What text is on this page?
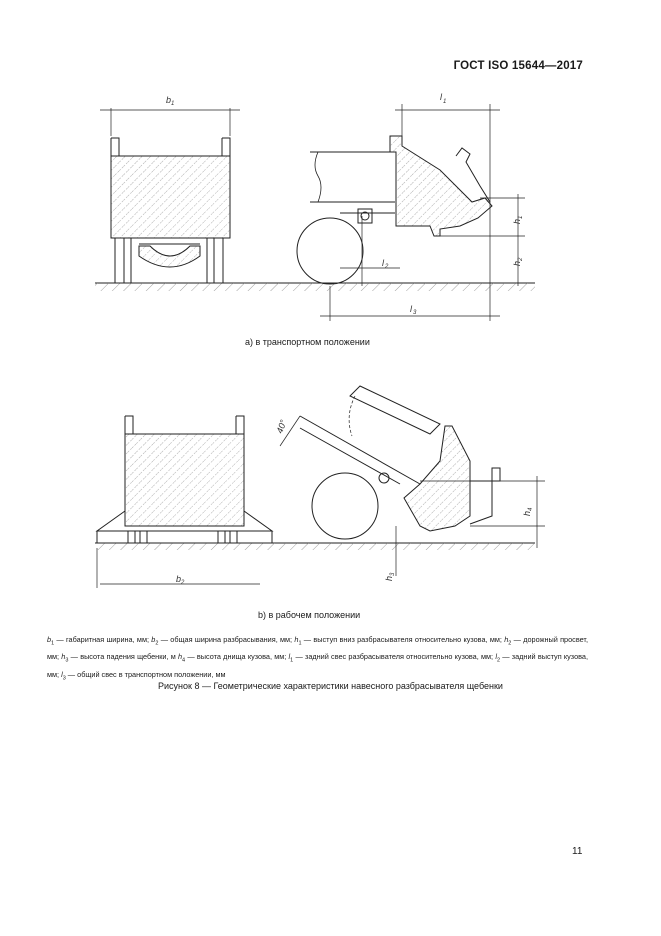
ГОСТ ISO 15644—2017
b 1
l 1
l 2
l 3
h
1
h
2
а) в транспортном положении
40°
b 2
h
3
h
4
b) в рабочем положении
$b_1$ — габаритная ширина, мм; $b_2$ — общая ширина разбрасывания, мм; $h_1$ — выступ вниз разбрасывателя относительно кузова, мм; $h_2$ — дорожный просвет, мм; $h_3$ — высота падения щебенки, м $h_4$ — высота днища кузова, мм; $l_1$ — задний свес разбрасывателя относительно кузова, мм; $l_2$ — задний выступ кузова, мм; $l_3$ — общий свес в транспортном положении, мм
Рисунок 8 — Геометрические характеристики навесного разбрасывателя щебенки
11
